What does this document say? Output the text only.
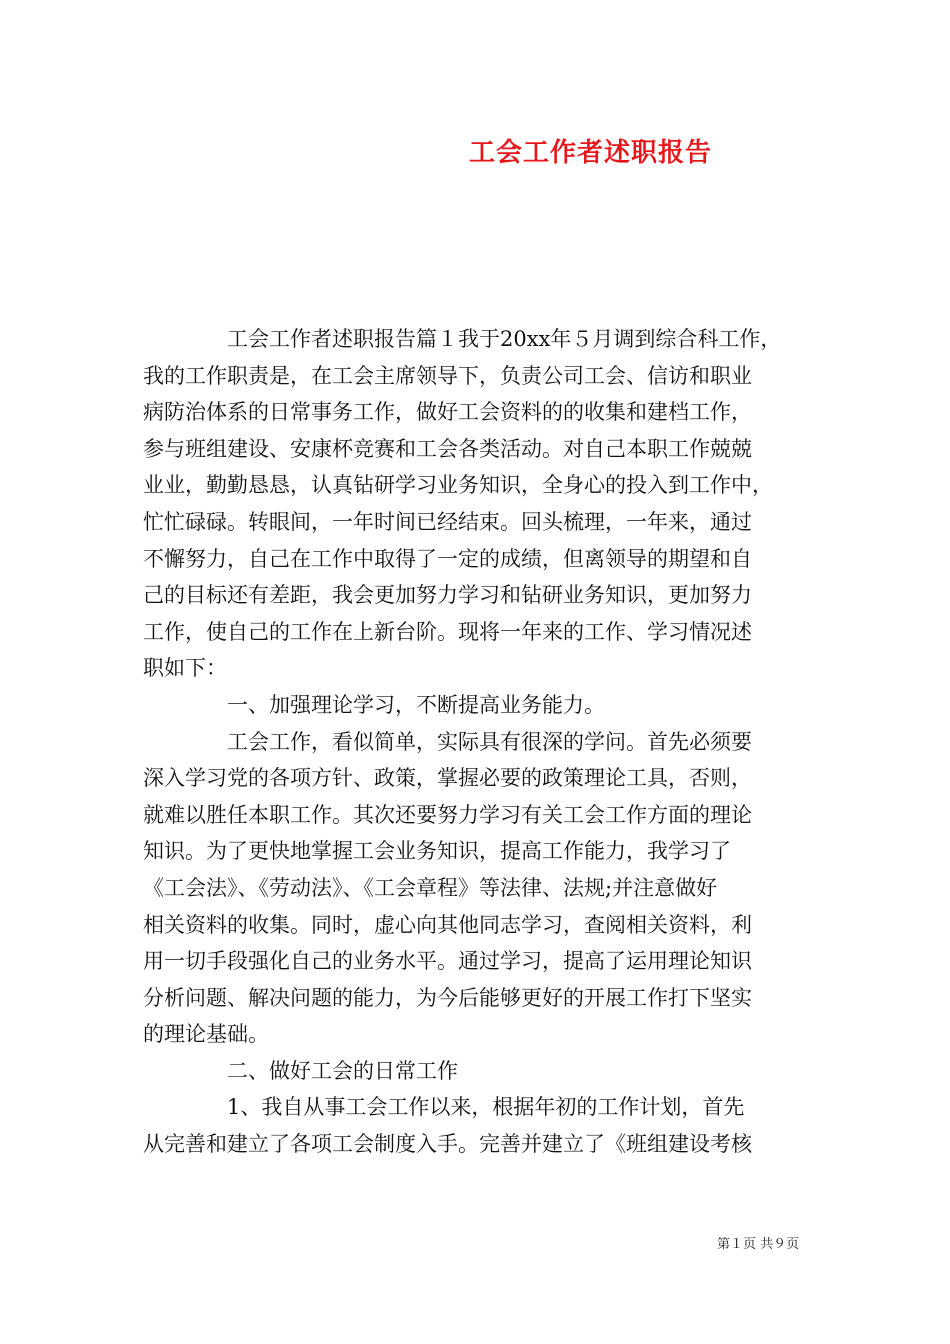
工会工作者述职报告
　　　　工会工作者述职报告篇１我于20xx年５月调到综合科工作，
我的工作职责是，在工会主席领导下，负责公司工会、信访和职业
病防治体系的日常事务工作，做好工会资料的的收集和建档工作，
参与班组建设、安康杯竞赛和工会各类活动。对自己本职工作兢兢
业业，勤勤恳恳，认真钻研学习业务知识，全身心的投入到工作中，
忙忙碌碌。转眼间，一年时间已经结束。回头梳理，一年来，通过
不懈努力，自己在工作中取得了一定的成绩，但离领导的期望和自
己的目标还有差距，我会更加努力学习和钻研业务知识，更加努力
工作，使自己的工作在上新台阶。现将一年来的工作、学习情况述
职如下：
　　　　一、加强理论学习，不断提高业务能力。
　　　　工会工作，看似简单，实际具有很深的学问。首先必须要
深入学习党的各项方针、政策，掌握必要的政策理论工具，否则，
就难以胜任本职工作。其次还要努力学习有关工会工作方面的理论
知识。为了更快地掌握工会业务知识，提高工作能力，我学习了
《工会法》、《劳动法》、《工会章程》等法律、法规;并注意做好
相关资料的收集。同时，虚心向其他同志学习，查阅相关资料，利
用一切手段强化自己的业务水平。通过学习，提高了运用理论知识
分析问题、解决问题的能力，为今后能够更好的开展工作打下坚实
的理论基础。
　　　　二、做好工会的日常工作
　　　　1、我自从事工会工作以来，根据年初的工作计划，首先
从完善和建立了各项工会制度入手。完善并建立了《班组建设考核
第１页 共９页
